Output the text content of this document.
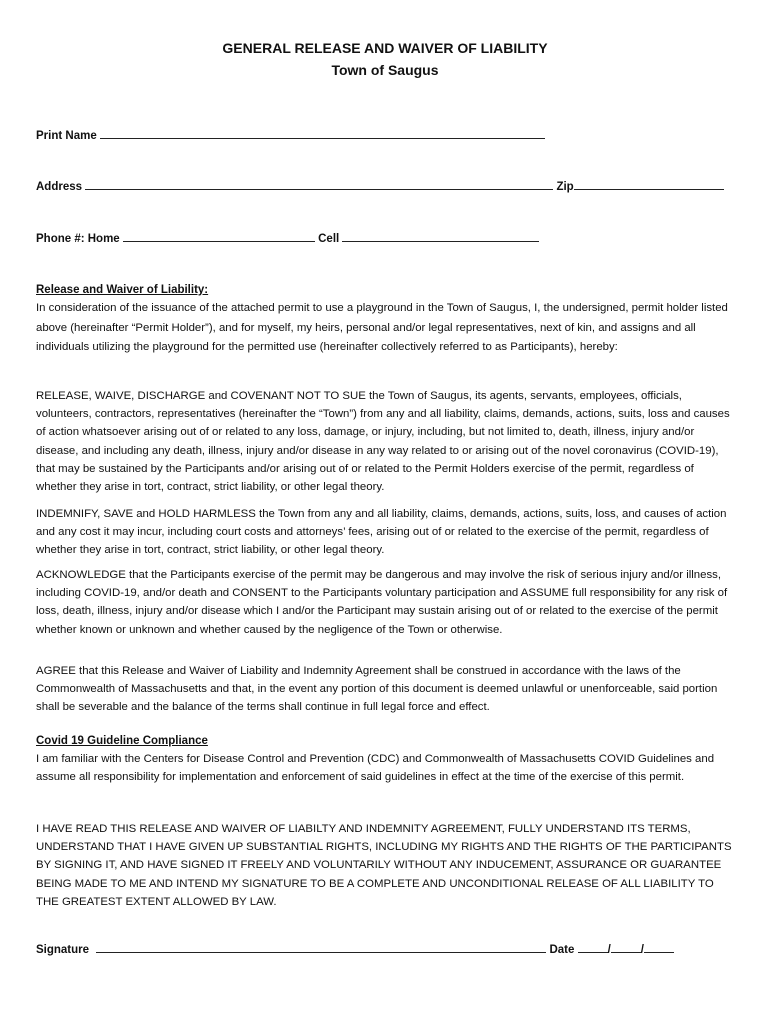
GENERAL RELEASE AND WAIVER OF LIABILITY
Town of Saugus
Print Name
Address	Zip
Phone #: Home	Cell
Release and Waiver of Liability:

In consideration of the issuance of the attached permit to use a playground in the Town of Saugus, I, the undersigned, permit holder listed above (hereinafter “Permit Holder”), and for myself, my heirs, personal and/or legal representatives, next of kin, and assigns and all individuals utilizing the playground for the permitted use (hereinafter collectively referred to as Participants), hereby:

RELEASE, WAIVE, DISCHARGE and COVENANT NOT TO SUE the Town of Saugus, its agents, servants, employees, officials, volunteers, contractors, representatives (hereinafter the “Town”) from any and all liability, claims, demands, actions, suits, loss and causes of action whatsoever arising out of or related to any loss, damage, or injury, including, but not limited to, death, illness, injury and/or disease, and including any death, illness, injury and/or disease in any way related to or arising out of the novel coronavirus (COVID-19), that may be sustained by the Participants and/or arising out of or related to the Permit Holders exercise of the permit, regardless of whether they arise in tort, contract, strict liability, or other legal theory.

INDEMNIFY, SAVE and HOLD HARMLESS the Town from any and all liability, claims, demands, actions, suits, loss, and causes of action and any cost it may incur, including court costs and attorneys’ fees, arising out of or related to the exercise of the permit, regardless of whether they arise in tort, contract, strict liability, or other legal theory.

ACKNOWLEDGE that the Participants exercise of the permit may be dangerous and may involve the risk of serious injury and/or illness, including COVID-19, and/or death and CONSENT to the Participants voluntary participation and ASSUME full responsibility for any risk of loss, death, illness, injury and/or disease which I and/or the Participant may sustain arising out of or related to the exercise of the permit whether known or unknown and whether caused by the negligence of the Town or otherwise.

AGREE that this Release and Waiver of Liability and Indemnity Agreement shall be construed in accordance with the laws of the Commonwealth of Massachusetts and that, in the event any portion of this document is deemed unlawful or unenforceable, said portion shall be severable and the balance of the terms shall continue in full legal force and effect.

Covid 19 Guideline Compliance

I am familiar with the Centers for Disease Control and Prevention (CDC) and Commonwealth of Massachusetts COVID Guidelines and assume all responsibility for implementation and enforcement of said guidelines in effect at the time of the exercise of this permit.

I HAVE READ THIS RELEASE AND WAIVER OF LIABILTY AND INDEMNITY AGREEMENT, FULLY UNDERSTAND ITS TERMS, UNDERSTAND THAT I HAVE GIVEN UP SUBSTANTIAL RIGHTS, INCLUDING MY RIGHTS AND THE RIGHTS OF THE PARTICIPANTS BY SIGNING IT, AND HAVE SIGNED IT FREELY AND VOLUNTARILY WITHOUT ANY INDUCEMENT, ASSURANCE OR GUARANTEE BEING MADE TO ME AND INTEND MY SIGNATURE TO BE A COMPLETE AND UNCONDITIONAL RELEASE OF ALL LIABILITY TO THE GREATEST EXTENT ALLOWED BY LAW.

Signature	Date	/	/
